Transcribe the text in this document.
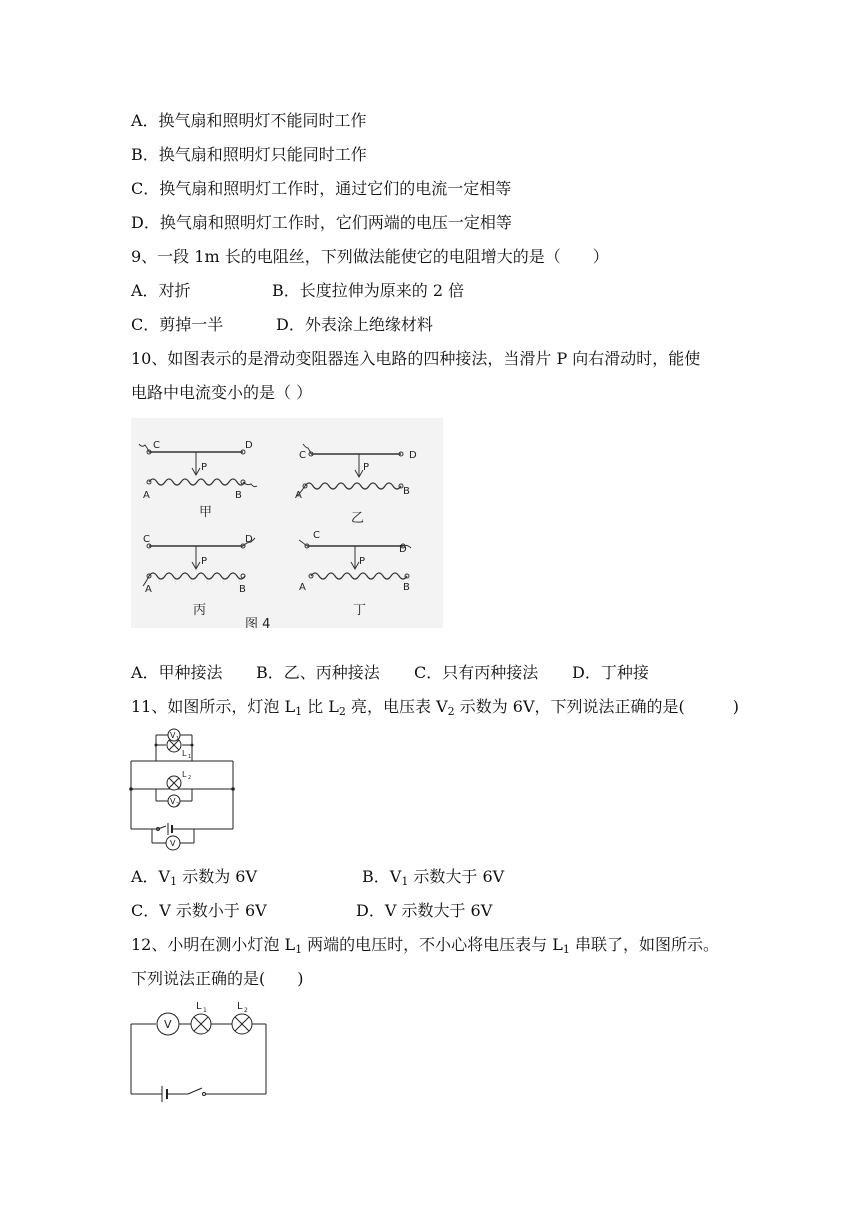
A．换气扇和照明灯不能同时工作
B．换气扇和照明灯只能同时工作
C．换气扇和照明灯工作时，通过它们的电流一定相等
D．换气扇和照明灯工作时，它们两端的电压一定相等
9、一段 1m 长的电阻丝，下列做法能使它的电阻增大的是（　　）
A．对折	B．长度拉伸为原来的 2 倍
C．剪掉一半	D．外表涂上绝缘材料
10、如图表示的是滑动变阻器连入电路的四种接法，当滑片 P 向右滑动时，能使
电路中电流变小的是（ ）
C	D
P
A	B
甲
C	D
P
A	B
乙
C	D
P
A	B
丙
C
D
P
A	B
丁
图 4
A．甲种接法 B．乙、丙种接法 C．只有丙种接法 D．丁种接
11、如图所示，灯泡 $L_1$ 比 $L_2$ 亮，电压表 $V_2$ 示数为 6V，下列说法正确的是(　　　)
V 1
L 1
L 2
V 2
V
A．$V_1$ 示数为 6V	B．$V_1$ 示数大于 6V
C．V 示数小于 6V	D．V 示数大于 6V
12、小明在测小灯泡 $L_1$ 两端的电压时，不小心将电压表与 $L_1$ 串联了，如图所示。
下列说法正确的是(　　)
V
L 1	L 2
